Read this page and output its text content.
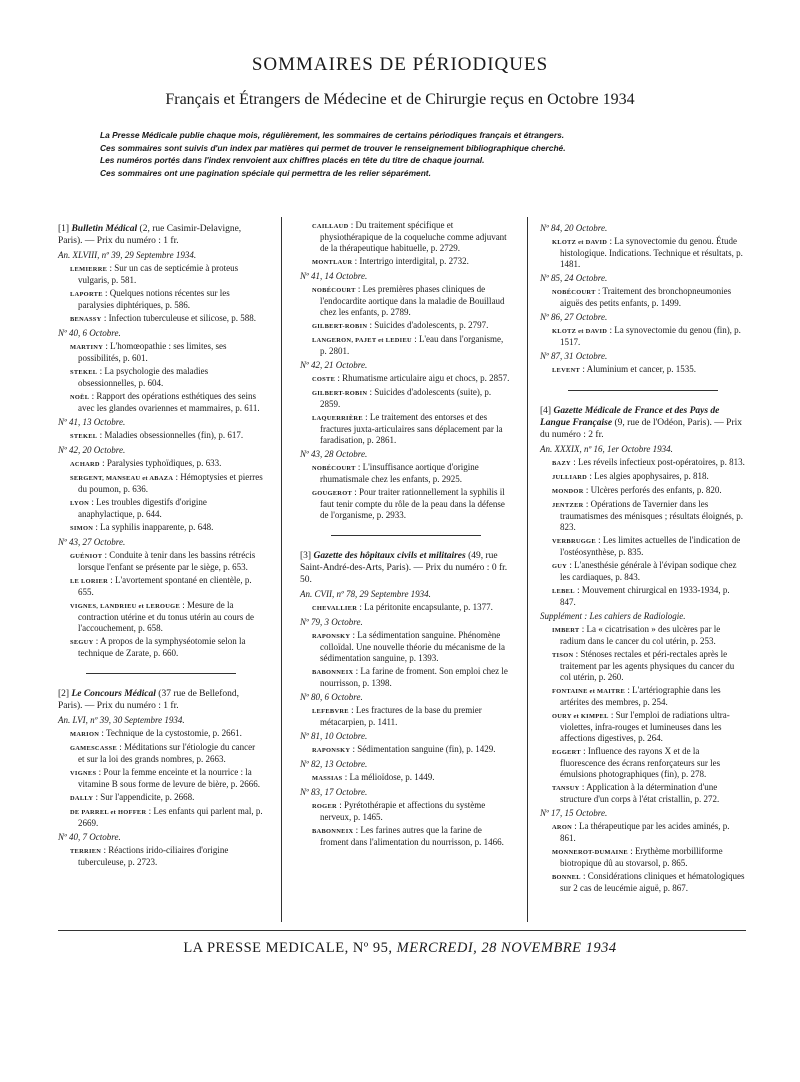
SOMMAIRES DE PÉRIODIQUES
Français et Étrangers de Médecine et de Chirurgie reçus en Octobre 1934
La Presse Médicale publie chaque mois, régulièrement, les sommaires de certains périodiques français et étrangers.
Ces sommaires sont suivis d'un index par matières qui permet de trouver le renseignement bibliographique cherché.
Les numéros portés dans l'index renvoient aux chiffres placés en tête du titre de chaque journal.
Ces sommaires ont une pagination spéciale qui permettra de les relier séparément.
[1] Bulletin Médical (2, rue Casimir-Delavigne, Paris). — Prix du numéro : 1 fr.
An. XLVIII, nº 39, 29 Septembre 1934.
LEMIERRE : Sur un cas de septicémie à proteus vulgaris, p. 581.
LAPORTE : Quelques notions récentes sur les paralysies diphtériques, p. 586.
BENASSY : Infection tuberculeuse et silicose, p. 588.
Nº 40, 6 Octobre.
MARTINY : L'homœopathie : ses limites, ses possibilités, p. 601.
STEKEL : La psychologie des maladies obsessionnelles, p. 604.
NOËL : Rapport des opérations esthétiques des seins avec les glandes ovariennes et mammaires, p. 611.
Nº 41, 13 Octobre.
STEKEL : Maladies obsessionnelles (fin), p. 617.
Nº 42, 20 Octobre.
ACHARD : Paralysies typhoïdiques, p. 633.
SERGENT, MANSEAU et ABAZA : Hémoptysies et pierres du poumon, p. 636.
LYON : Les troubles digestifs d'origine anaphylactique, p. 644.
SIMON : La syphilis inapparente, p. 648.
Nº 43, 27 Octobre.
GUÉNIOT : Conduite à tenir dans les bassins rétrécis lorsque l'enfant se présente par le siège, p. 653.
LE LORIER : L'avortement spontané en clientèle, p. 655.
VIGNES, LANDRIEU et LEROUGE : Mesure de la contraction utérine et du tonus utérin au cours de l'accouchement, p. 658.
SEGUY : A propos de la symphyséotomie selon la technique de Zarate, p. 660.
[2] Le Concours Médical (37 rue de Bellefond, Paris). — Prix du numéro : 1 fr.
An. LVI, nº 39, 30 Septembre 1934.
MARION : Technique de la cystostomie, p. 2661.
GAMESCASSE : Méditations sur l'étiologie du cancer et sur la loi des grands nombres, p. 2663.
VIGNES : Pour la femme enceinte et la nourrice : la vitamine B sous forme de levure de bière, p. 2666.
DALLY : Sur l'appendicite, p. 2668.
DE PARREL et HOFFER : Les enfants qui parlent mal, p. 2669.
Nº 40, 7 Octobre.
TERRIEN : Réactions irido-ciliaires d'origine tuberculeuse, p. 2723.
CAILLAUD : Du traitement spécifique et physiothérapique de la coqueluche comme adjuvant de la thérapeutique habituelle, p. 2729.
MONTLAUR : Intertrigo interdigital, p. 2732.
Nº 41, 14 Octobre.
NOBÉCOURT : Les premières phases cliniques de l'endocardite aortique dans la maladie de Bouillaud chez les enfants, p. 2789.
GILBERT-ROBIN : Suicides d'adolescents, p. 2797.
LANGERON, PAJET et LEDIEU : L'eau dans l'organisme, p. 2801.
Nº 42, 21 Octobre.
COSTE : Rhumatisme articulaire aigu et chocs, p. 2857.
GILBERT-ROBIN : Suicides d'adolescents (suite), p. 2859.
LAQUERRIÈRE : Le traitement des entorses et des fractures juxta-articulaires sans déplacement par la faradisation, p. 2861.
Nº 43, 28 Octobre.
NOBÉCOURT : L'insuffisance aortique d'origine rhumatismale chez les enfants, p. 2925.
GOUGEROT : Pour traiter rationnellement la syphilis il faut tenir compte du rôle de la peau dans la défense de l'organisme, p. 2933.
[3] Gazette des hôpitaux civils et militaires (49, rue Saint-André-des-Arts, Paris). — Prix du numéro : 0 fr. 50.
An. CVII, nº 78, 29 Septembre 1934.
CHEVALLIER : La péritonite encapsulante, p. 1377.
Nº 79, 3 Octobre.
RAPONSKY : La sédimentation sanguine. Phénomène colloïdal. Une nouvelle théorie du mécanisme de la sédimentation sanguine, p. 1393.
BABONNEIX : La farine de froment. Son emploi chez le nourrisson, p. 1398.
Nº 80, 6 Octobre.
LEFEBVRE : Les fractures de la base du premier métacarpien, p. 1411.
Nº 81, 10 Octobre.
RAPONSKY : Sédimentation sanguine (fin), p. 1429.
Nº 82, 13 Octobre.
MASSIAS : La mélioïdose, p. 1449.
Nº 83, 17 Octobre.
ROGER : Pyrétothérapie et affections du système nerveux, p. 1465.
BABONNEIX : Les farines autres que la farine de froment dans l'alimentation du nourrisson, p. 1466.
Nº 84, 20 Octobre.
KLOTZ et DAVID : La synovectomie du genou. Étude histologique. Indications. Technique et résultats, p. 1481.
Nº 85, 24 Octobre.
NOBÉCOURT : Traitement des bronchopneumonies aiguës des petits enfants, p. 1499.
Nº 86, 27 Octobre.
KLOTZ et DAVID : La synovectomie du genou (fin), p. 1517.
Nº 87, 31 Octobre.
LEVENT : Aluminium et cancer, p. 1535.
[4] Gazette Médicale de France et des Pays de Langue Française (9, rue de l'Odéon, Paris). — Prix du numéro : 2 fr.
An. XXXIX, nº 16, 1er Octobre 1934.
BAZY : Les réveils infectieux post-opératoires, p. 813.
JULLIARD : Les algies apophysaires, p. 818.
MONDOR : Ulcères perforés des enfants, p. 820.
JENTZER : Opérations de Tavernier dans les traumatismes des ménisques ; résultats éloignés, p. 823.
VERBRUGGE : Les limites actuelles de l'indication de l'ostéosynthèse, p. 835.
GUY : L'anesthésie générale à l'évipan sodique chez les cardiaques, p. 843.
LEBEL : Mouvement chirurgical en 1933-1934, p. 847.
Supplément : Les cahiers de Radiologie.
IMBERT : La « cicatrisation » des ulcères par le radium dans le cancer du col utérin, p. 253.
TISON : Sténoses rectales et péri-rectales après le traitement par les agents physiques du cancer du col utérin, p. 260.
FONTAINE et MAITRE : L'artériographie dans les artérites des membres, p. 254.
OURY et KIMPEL : Sur l'emploi de radiations ultra-violettes, infra-rouges et lumineuses dans les affections digestives, p. 264.
EGGERT : Influence des rayons X et de la fluorescence des écrans renforçateurs sur les émulsions photographiques (fin), p. 278.
TANSUY : Application à la détermination d'une structure d'un corps à l'état cristallin, p. 272.
Nº 17, 15 Octobre.
ARON : La thérapeutique par les acides aminés, p. 861.
MONNEROT-DUMAINE : Erythème morbilliforme biotropique dû au stovarsol, p. 865.
BONNEL : Considérations cliniques et hématologiques sur 2 cas de leucémie aiguë, p. 867.
LA PRESSE MEDICALE, Nº 95, MERCREDI, 28 NOVEMBRE 1934
